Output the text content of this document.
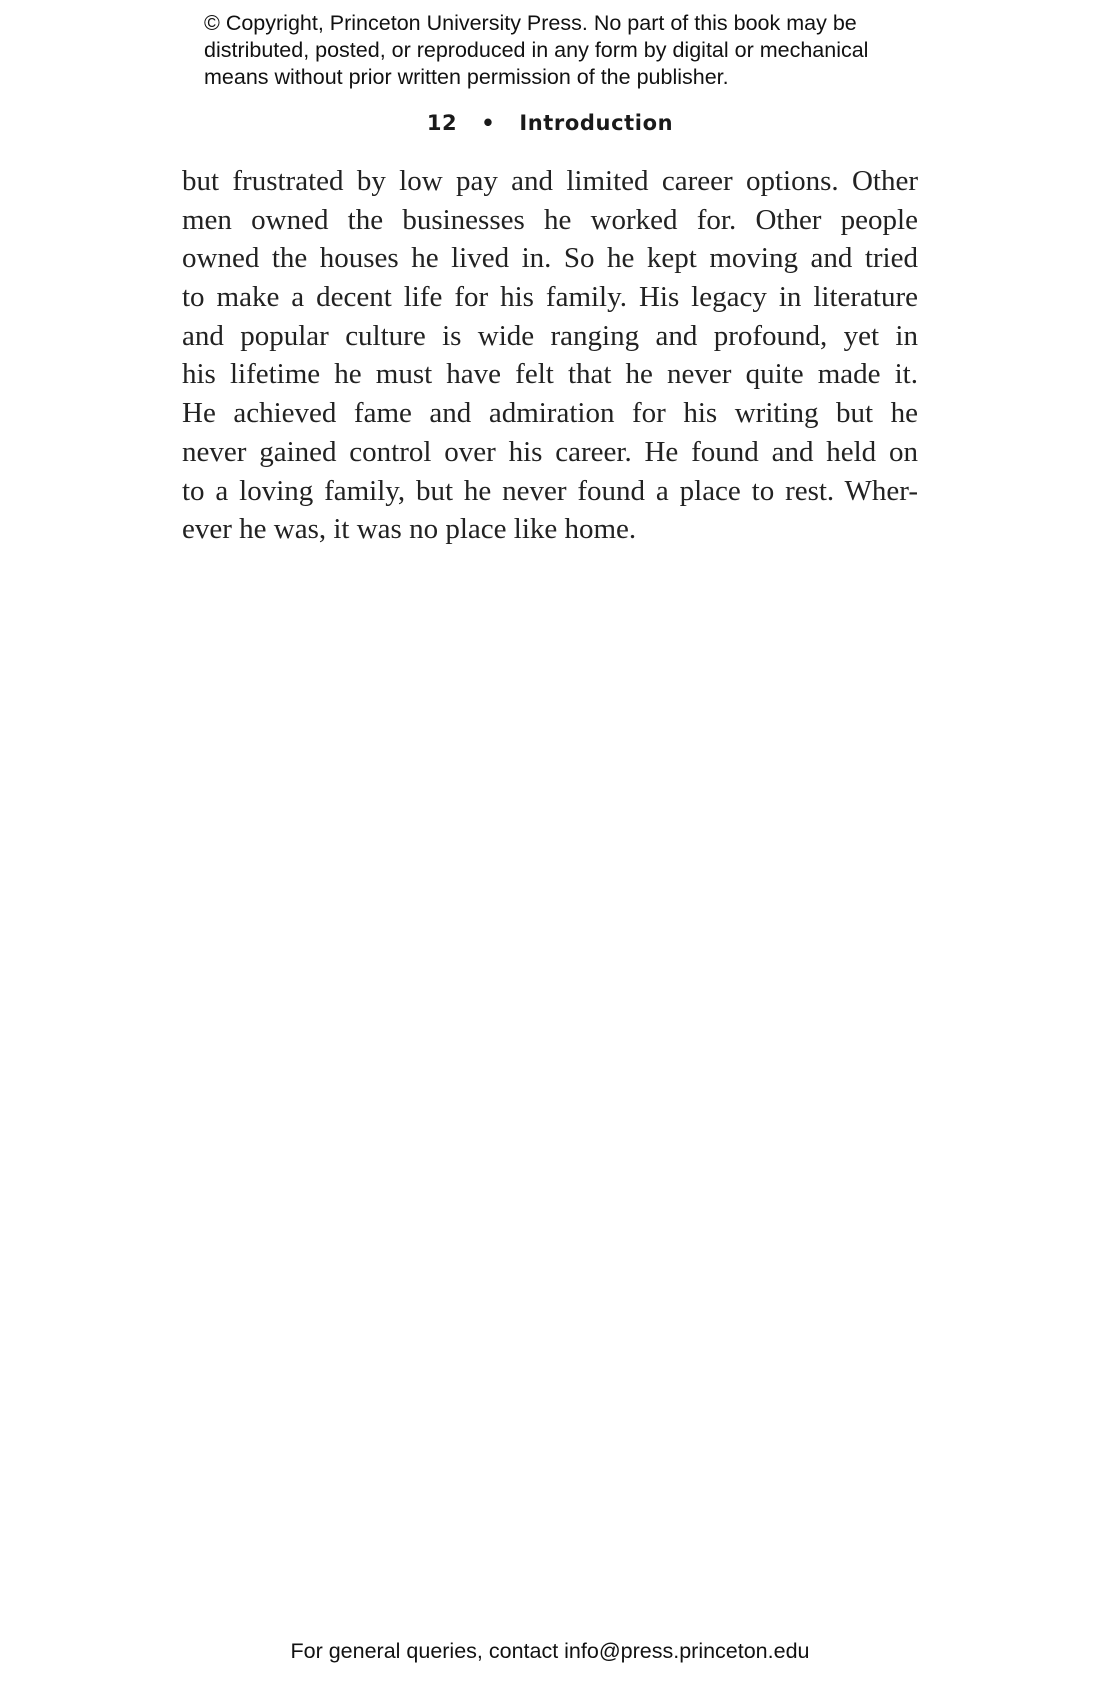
© Copyright, Princeton University Press. No part of this book may be
distributed, posted, or reproduced in any form by digital or mechanical
means without prior written permission of the publisher.
12 • Introduction
but frustrated by low pay and limited career options. Other
men owned the businesses he worked for. Other people
owned the houses he lived in. So he kept moving and tried
to make a decent life for his family. His legacy in literature
and popular culture is wide ranging and profound, yet in
his lifetime he must have felt that he never quite made it.
He achieved fame and admiration for his writing but he
never gained control over his career. He found and held on
to a loving family, but he never found a place to rest. Wher-
ever he was, it was no place like home.
For general queries, contact info@press.princeton.edu
